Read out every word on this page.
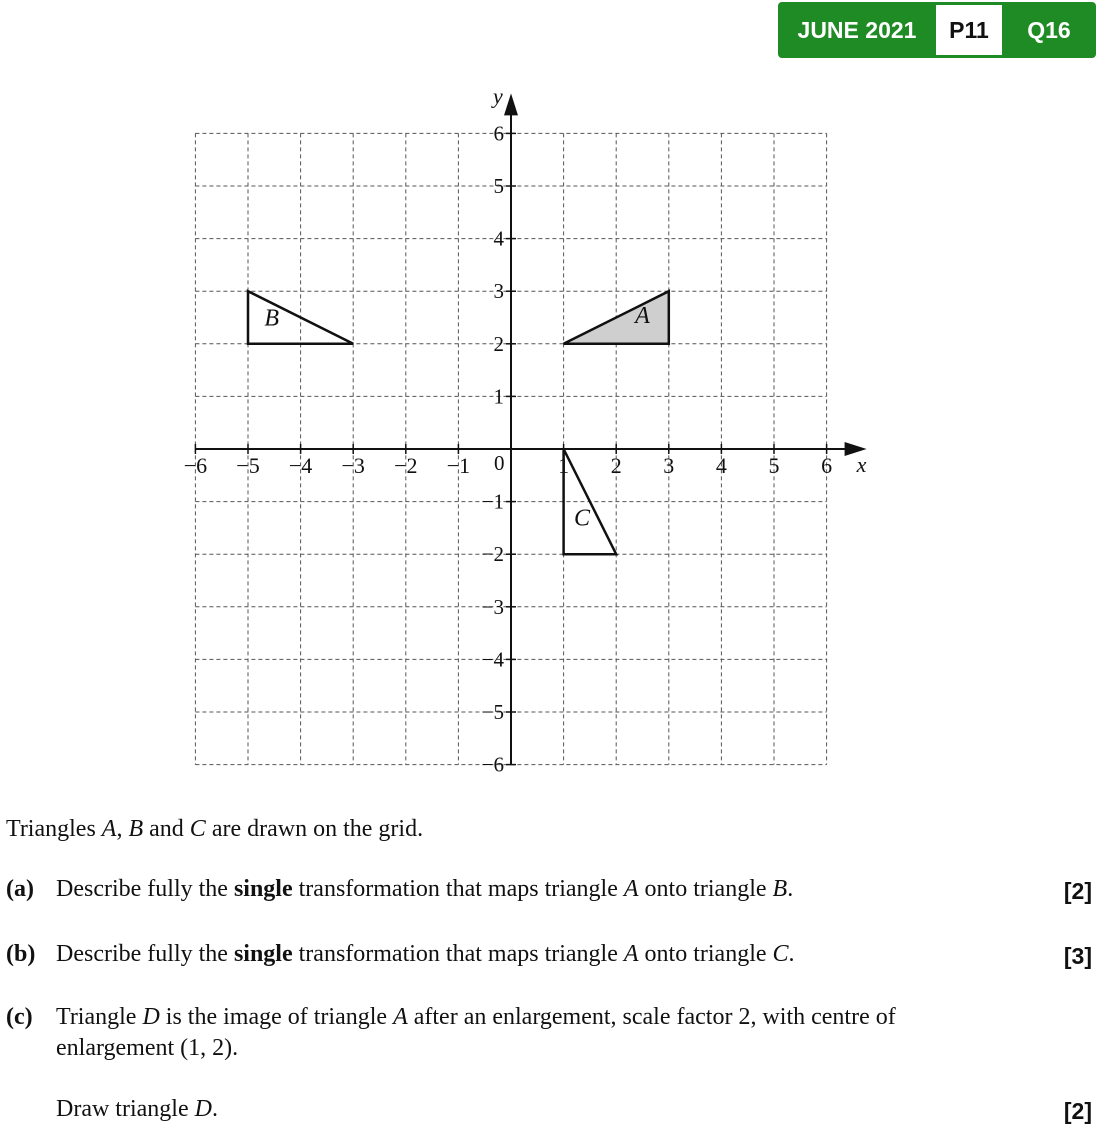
JUNE 2021	P11	Q16
−6 −5 −4 −3 −2 −1	1 2 3 4 5 6
−6
−5
−4
−3
−2
−1
1
2
3
4
5
6
x
y
0
A
B
C
Triangles A, B and C are drawn on the grid.
(a) Describe fully the single transformation that maps triangle A onto triangle B.	[2]
(b) Describe fully the single transformation that maps triangle A onto triangle C.	[3]
(c) Triangle D is the image of triangle A after an enlargement, scale factor 2, with centre of enlargement (1, 2).
Draw triangle D.	[2]
